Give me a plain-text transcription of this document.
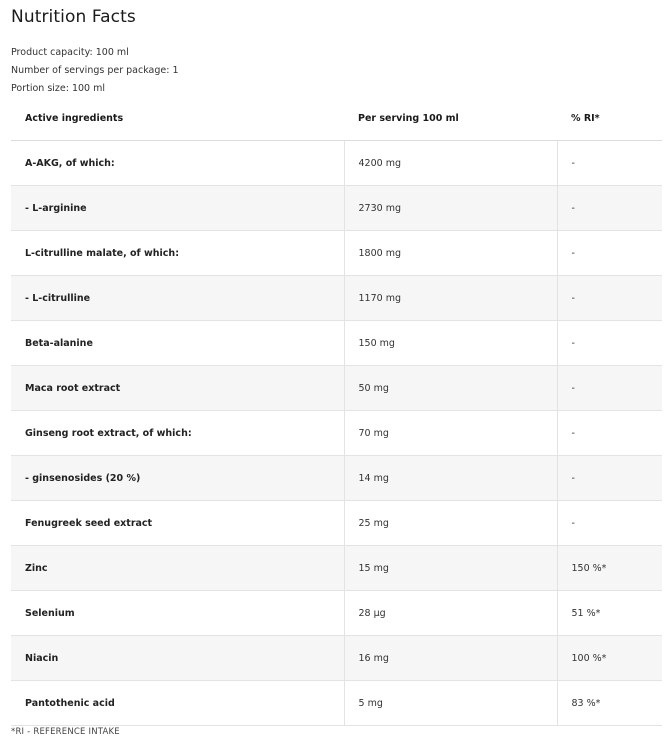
Nutrition Facts
Product capacity: 100 ml
Number of servings per package: 1
Portion size: 100 ml
Active ingredients	Per serving 100 ml	% RI*
A-AKG, of which:	4200 mg	-
- L-arginine	2730 mg	-
L-citrulline malate, of which:	1800 mg	-
- L-citrulline	1170 mg	-
Beta-alanine	150 mg	-
Maca root extract	50 mg	-
Ginseng root extract, of which:	70 mg	-
- ginsenosides (20 %)	14 mg	-
Fenugreek seed extract	25 mg	-
Zinc	15 mg	150 %*
Selenium	28 μg	51 %*
Niacin	16 mg	100 %*
Pantothenic acid	5 mg	83 %*
*RI - REFERENCE INTAKE
